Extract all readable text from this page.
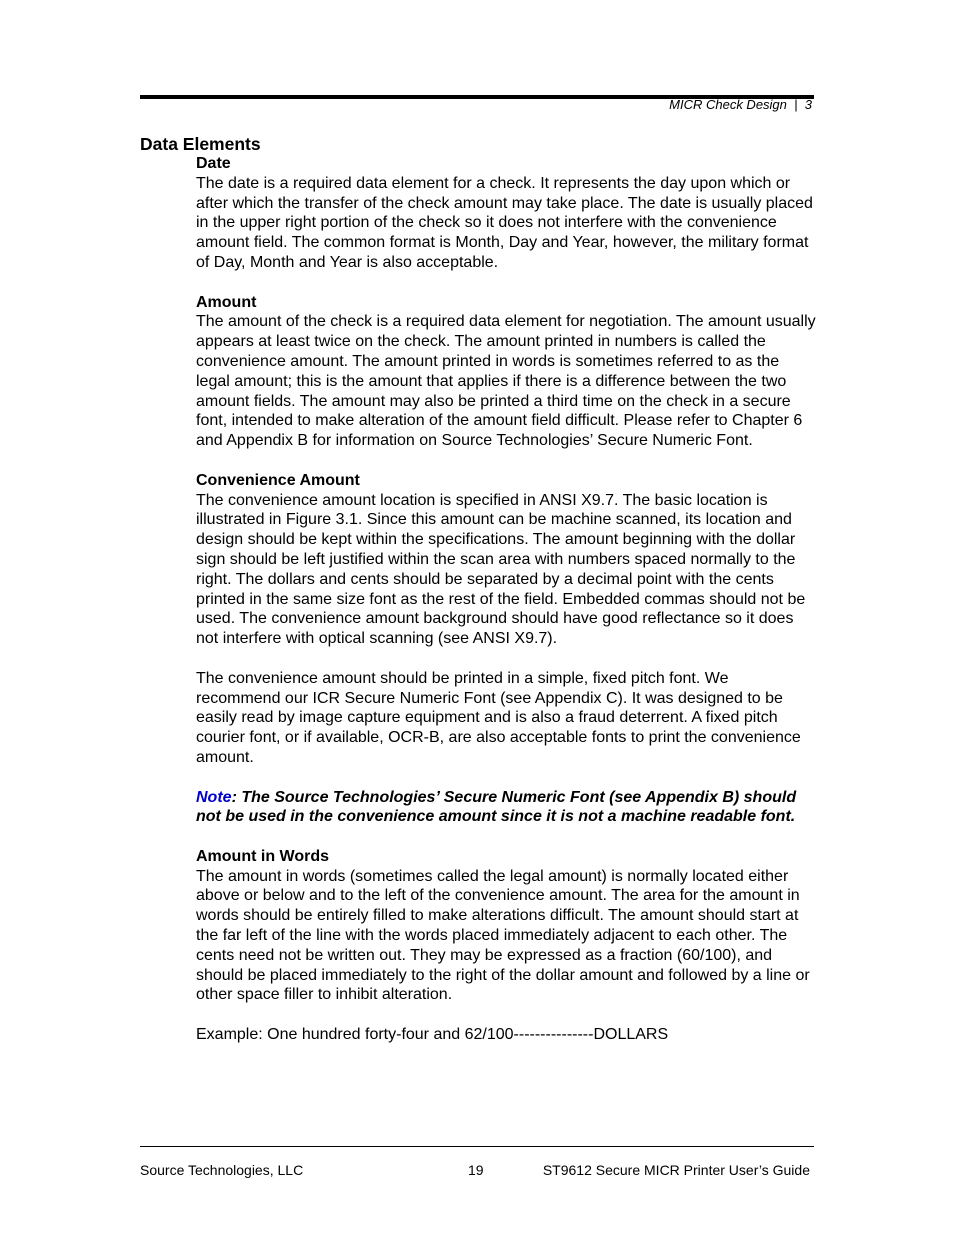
MICR Check Design | 3
Data Elements
Date

The date is a required data element for a check. It represents the day upon which or after which the transfer of the check amount may take place. The date is usually placed in the upper right portion of the check so it does not interfere with the convenience amount field. The common format is Month, Day and Year, however, the military format of Day, Month and Year is also acceptable.

Amount

The amount of the check is a required data element for negotiation. The amount usually appears at least twice on the check. The amount printed in numbers is called the convenience amount. The amount printed in words is sometimes referred to as the legal amount; this is the amount that applies if there is a difference between the two amount fields. The amount may also be printed a third time on the check in a secure font, intended to make alteration of the amount field difficult. Please refer to Chapter 6 and Appendix B for information on Source Technologies’ Secure Numeric Font.

Convenience Amount

The convenience amount location is specified in ANSI X9.7. The basic location is illustrated in Figure 3.1. Since this amount can be machine scanned, its location and design should be kept within the specifications. The amount beginning with the dollar sign should be left justified within the scan area with numbers spaced normally to the right. The dollars and cents should be separated by a decimal point with the cents printed in the same size font as the rest of the field. Embedded commas should not be used. The convenience amount background should have good reflectance so it does not interfere with optical scanning (see ANSI X9.7).

The convenience amount should be printed in a simple, fixed pitch font. We recommend our ICR Secure Numeric Font (see Appendix C). It was designed to be easily read by image capture equipment and is also a fraud deterrent. A fixed pitch courier font, or if available, OCR-B, are also acceptable fonts to print the convenience amount.

Note: The Source Technologies’ Secure Numeric Font (see Appendix B) should not be used in the convenience amount since it is not a machine readable font.

Amount in Words

The amount in words (sometimes called the legal amount) is normally located either above or below and to the left of the convenience amount. The area for the amount in words should be entirely filled to make alterations difficult. The amount should start at the far left of the line with the words placed immediately adjacent to each other. The cents need not be written out. They may be expressed as a fraction (60/100), and should be placed immediately to the right of the dollar amount and followed by a line or other space filler to inhibit alteration.

Example: One hundred forty-four and 62/100---------------DOLLARS

Source Technologies, LLC	19	ST9612 Secure MICR Printer User’s Guide
